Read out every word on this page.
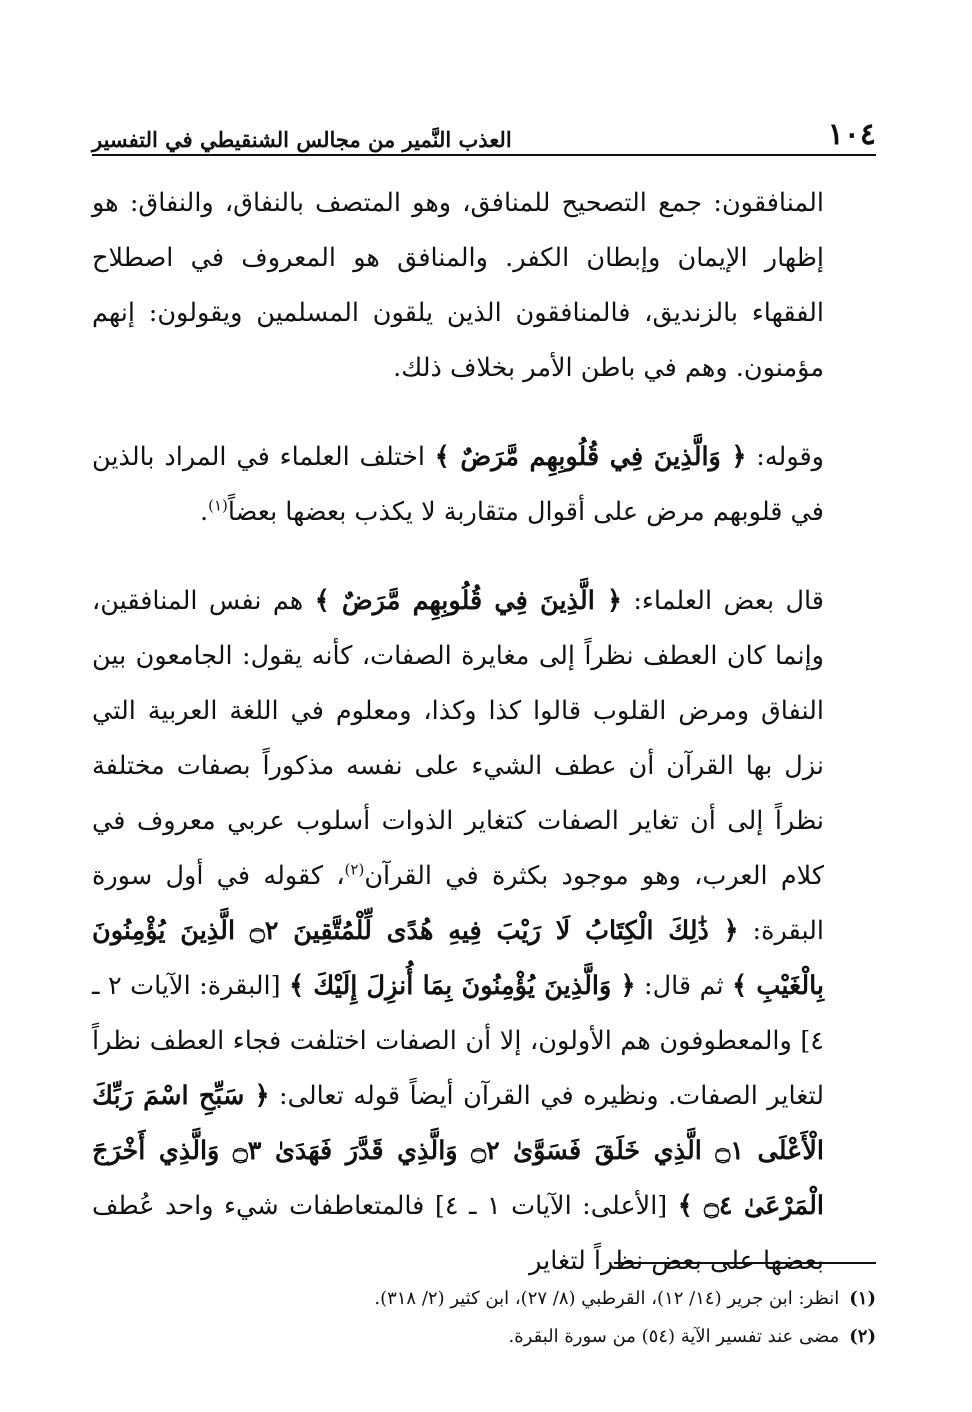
١٠٤
العذب النَّمير من مجالس الشنقيطي في التفسير

المنافقون: جمع التصحيح للمنافق، وهو المتصف بالنفاق، والنفاق: هو إظهار الإيمان وإبطان الكفر. والمنافق هو المعروف في اصطلاح الفقهاء بالزنديق، فالمنافقون الذين يلقون المسلمين ويقولون: إنهم مؤمنون. وهم في باطن الأمر بخلاف ذلك.

وقوله: ﴿ وَالَّذِينَ فِي قُلُوبِهِم مَّرَضٌ ﴾ اختلف العلماء في المراد بالذين في قلوبهم مرض على أقوال متقاربة لا يكذب بعضها بعضاً$^{(١)}$.

قال بعض العلماء: ﴿ الَّذِينَ فِي قُلُوبِهِم مَّرَضٌ ﴾ هم نفس المنافقين، وإنما كان العطف نظراً إلى مغايرة الصفات، كأنه يقول: الجامعون بين النفاق ومرض القلوب قالوا كذا وكذا، ومعلوم في اللغة العربية التي نزل بها القرآن أن عطف الشيء على نفسه مذكوراً بصفات مختلفة نظراً إلى أن تغاير الصفات كتغاير الذوات أسلوب عربي معروف في كلام العرب، وهو موجود بكثرة في القرآن$^{(٢)}$، كقوله في أول سورة البقرة: ﴿ ذَٰلِكَ الْكِتَابُ لَا رَيْبَ فِيهِ هُدًى لِّلْمُتَّقِينَ ۝٢ الَّذِينَ يُؤْمِنُونَ بِالْغَيْبِ ﴾ ثم قال: ﴿ وَالَّذِينَ يُؤْمِنُونَ بِمَا أُنزِلَ إِلَيْكَ ﴾ [البقرة: الآيات ٢ ـ ٤] والمعطوفون هم الأولون، إلا أن الصفات اختلفت فجاء العطف نظراً لتغاير الصفات. ونظيره في القرآن أيضاً قوله تعالى: ﴿ سَبِّحِ اسْمَ رَبِّكَ الْأَعْلَى ۝١ الَّذِي خَلَقَ فَسَوَّىٰ ۝٢ وَالَّذِي قَدَّرَ فَهَدَىٰ ۝٣ وَالَّذِي أَخْرَجَ الْمَرْعَىٰ ۝٤ ﴾ [الأعلى: الآيات ١ ـ ٤] فالمتعاطفات شيء واحد عُطف بعضها على بعض نظراً لتغاير

(١)انظر: ابن جرير (١٤/ ١٢)، القرطبي (٨/ ٢٧)، ابن كثير (٢/ ٣١٨).

(٢)مضى عند تفسير الآية (٥٤) من سورة البقرة.
